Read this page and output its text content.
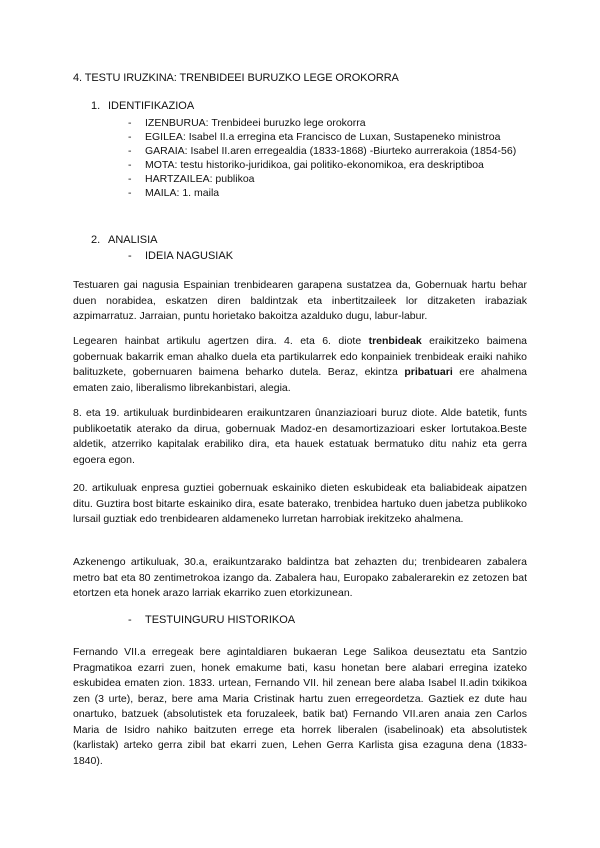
4. TESTU IRUZKINA: TRENBIDEEI BURUZKO LEGE OROKORRA
1. IDENTIFIKAZIOA
- IZENBURUA: Trenbideei buruzko lege orokorra
- EGILEA: Isabel II.a erregina eta Francisco de Luxan, Sustapeneko ministroa
- GARAIA: Isabel II.aren erregealdia (1833-1868) -Biurteko aurrerakoia (1854-56)
- MOTA: testu historiko-juridikoa, gai politiko-ekonomikoa, era deskriptiboa
- HARTZAILEA: publikoa
- MAILA: 1. maila
2. ANALISIA
- IDEIA NAGUSIAK

Testuaren gai nagusia Espainian trenbidearen garapena sustatzea da, Gobernuak hartu behar duen norabidea, eskatzen diren baldintzak eta inbertitzaileek lor ditzaketen irabaziak azpimarratuz. Jarraian, puntu horietako bakoitza azalduko dugu, labur-labur.

Legearen hainbat artikulu agertzen dira. 4. eta 6. diote trenbideak eraikitzeko baimena gobernuak bakarrik eman ahalko duela eta partikularrek edo konpainiek trenbideak eraiki nahiko balituzkete, gobernuaren baimena beharko dutela. Beraz, ekintza pribatuari ere ahalmena ematen zaio, liberalismo librekanbistari, alegia.

8. eta 19. artikuluak burdinbidearen eraikuntzaren ûnanziazioari buruz diote. Alde batetik, funts publikoetatik aterako da dirua, gobernuak Madoz-en desamortizazioari esker lortutakoa.Beste aldetik, atzerriko kapitalak erabiliko dira, eta hauek estatuak bermatuko ditu nahiz eta gerra egoera egon.

20. artikuluak enpresa guztiei gobernuak eskainiko dieten eskubideak eta baliabideak aipatzen ditu. Guztira bost bitarte eskainiko dira, esate baterako, trenbidea hartuko duen jabetza publikoko lursail guztiak edo trenbidearen aldameneko lurretan harrobiak irekitzeko ahalmena.

Azkenengo artikuluak, 30.a, eraikuntzarako baldintza bat zehazten du; trenbidearen zabalera metro bat eta 80 zentimetrokoa izango da. Zabalera hau, Europako zabalerarekin ez zetozen bat etortzen eta honek arazo larriak ekarriko zuen etorkizunean.

- TESTUINGURU HISTORIKOA

Fernando VII.a erregeak bere agintaldiaren bukaeran Lege Salikoa deuseztatu eta Santzio Pragmatikoa ezarri zuen, honek emakume bati, kasu honetan bere alabari erregina izateko eskubidea ematen zion. 1833. urtean, Fernando VII. hil zenean bere alaba Isabel II.adin txikikoa zen (3 urte), beraz, bere ama Maria Cristinak hartu zuen erregeordetza. Gaztiek ez dute hau onartuko, batzuek (absolutistek eta foruzaleek, batik bat) Fernando VII.aren anaia zen Carlos Maria de Isidro nahiko baitzuten errege eta horrek liberalen (isabelinoak) eta absolutistek (karlistak) arteko gerra zibil bat ekarri zuen, Lehen Gerra Karlista gisa ezaguna dena (1833-1840).
